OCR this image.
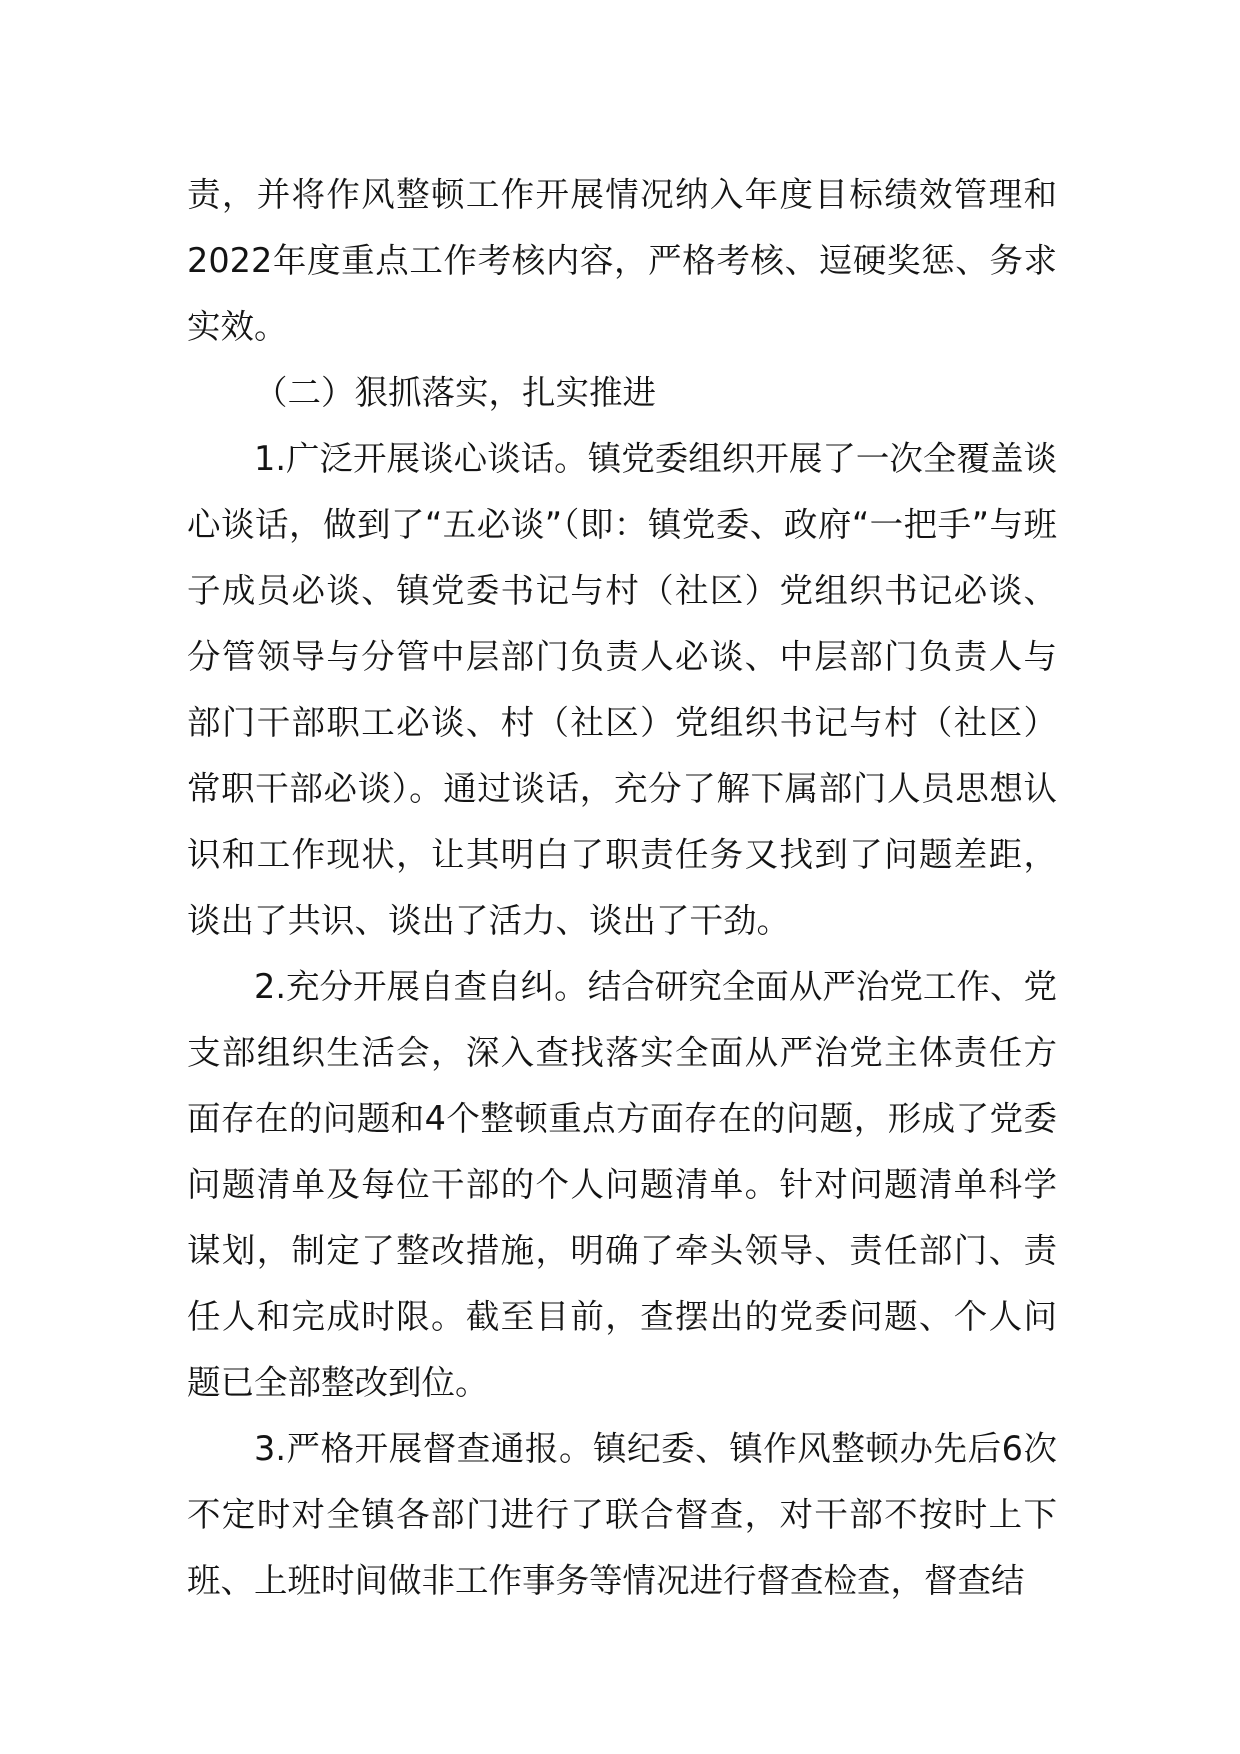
责，并将作风整顿工作开展情况纳入年度目标绩效管理和2022年度重点工作考核内容，严格考核、逗硬奖惩、务求实效。

（二）狠抓落实，扎实推进

1.广泛开展谈心谈话。镇党委组织开展了一次全覆盖谈心谈话，做到了“五必谈”（即：镇党委、政府“一把手”与班子成员必谈、镇党委书记与村（社区）党组织书记必谈、分管领导与分管中层部门负责人必谈、中层部门负责人与部门干部职工必谈、村（社区）党组织书记与村（社区）常职干部必谈）。通过谈话，充分了解下属部门人员思想认识和工作现状，让其明白了职责任务又找到了问题差距，谈出了共识、谈出了活力、谈出了干劲。

2.充分开展自查自纠。结合研究全面从严治党工作、党支部组织生活会，深入查找落实全面从严治党主体责任方面存在的问题和4个整顿重点方面存在的问题，形成了党委问题清单及每位干部的个人问题清单。针对问题清单科学谋划，制定了整改措施，明确了牵头领导、责任部门、责任人和完成时限。截至目前，查摆出的党委问题、个人问题已全部整改到位。

3.严格开展督查通报。镇纪委、镇作风整顿办先后6次不定时对全镇各部门进行了联合督查，对干部不按时上下班、上班时间做非工作事务等情况进行督查检查，督查结
